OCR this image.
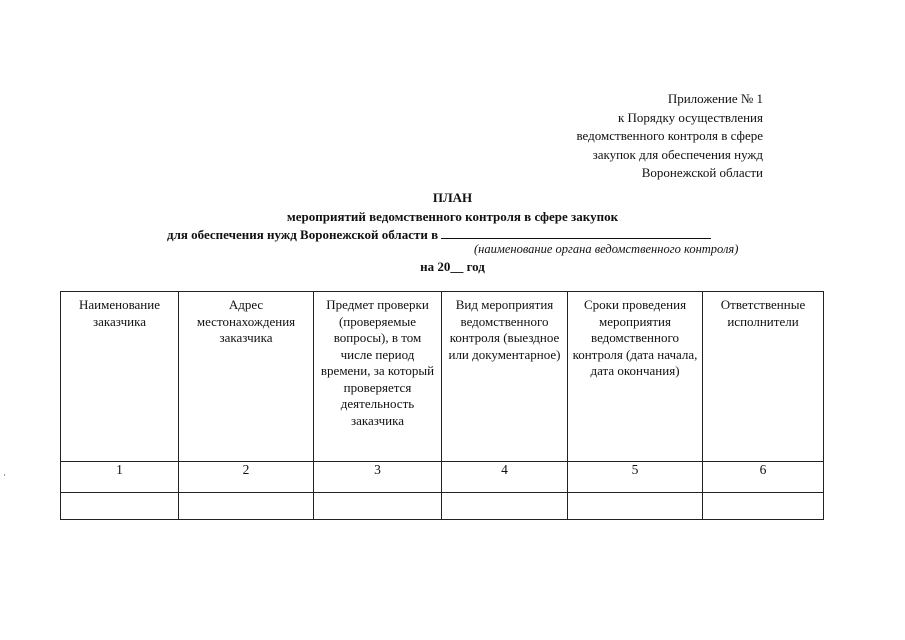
Приложение № 1
к Порядку осуществления
ведомственного контроля в сфере
закупок для обеспечения нужд
Воронежской области
ПЛАН
мероприятий ведомственного контроля в сфере закупок
для обеспечения нужд Воронежской области в
(наименование органа ведомственного контроля)
на 20__ год
Наименование заказчика	Адрес местонахождения заказчика	Предмет проверки (проверяемые вопросы), в том числе период времени, за который проверяется деятельность заказчика	Вид мероприятия ведомственного контроля (выездное или документарное)	Сроки проведения мероприятия ведомственного контроля (дата начала, дата окончания)	Ответственные исполнители

1	2	3	4	5	6
